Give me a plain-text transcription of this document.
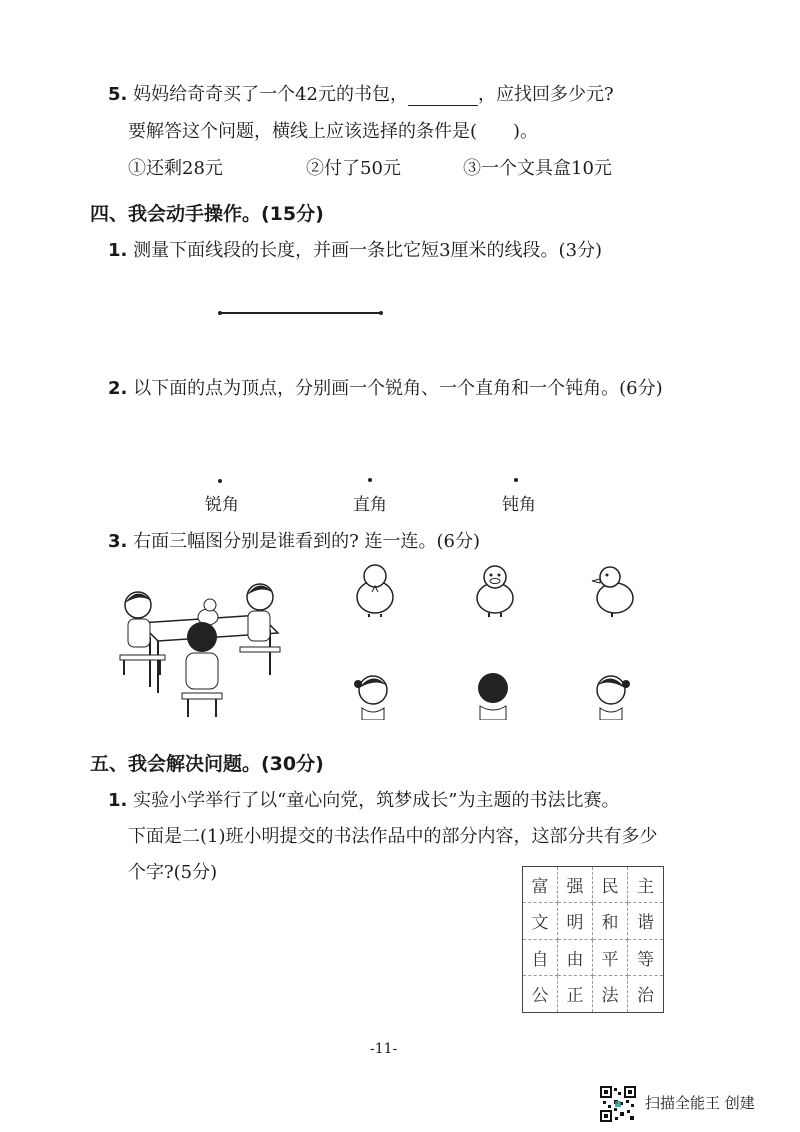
5. 妈妈给奇奇买了一个42元的书包，	，应找回多少元?
要解答这个问题，横线上应该选择的条件是( )。
①还剩28元	②付了50元	③一个文具盒10元
四、我会动手操作。(15分)
1. 测量下面线段的长度，并画一条比它短3厘米的线段。(3分)
2. 以下面的点为顶点，分别画一个锐角、一个直角和一个钝角。(6分)
锐角	直角	钝角
3. 右面三幅图分别是谁看到的? 连一连。(6分)
五、我会解决问题。(30分)
1. 实验小学举行了以“童心向党，筑梦成长”为主题的书法比赛。
下面是二(1)班小明提交的书法作品中的部分内容，这部分共有多少
个字?(5分)
富	强	民	主
文	明	和	谐
自	由	平	等
公	正	法	治
-11-
扫描全能王 创建
